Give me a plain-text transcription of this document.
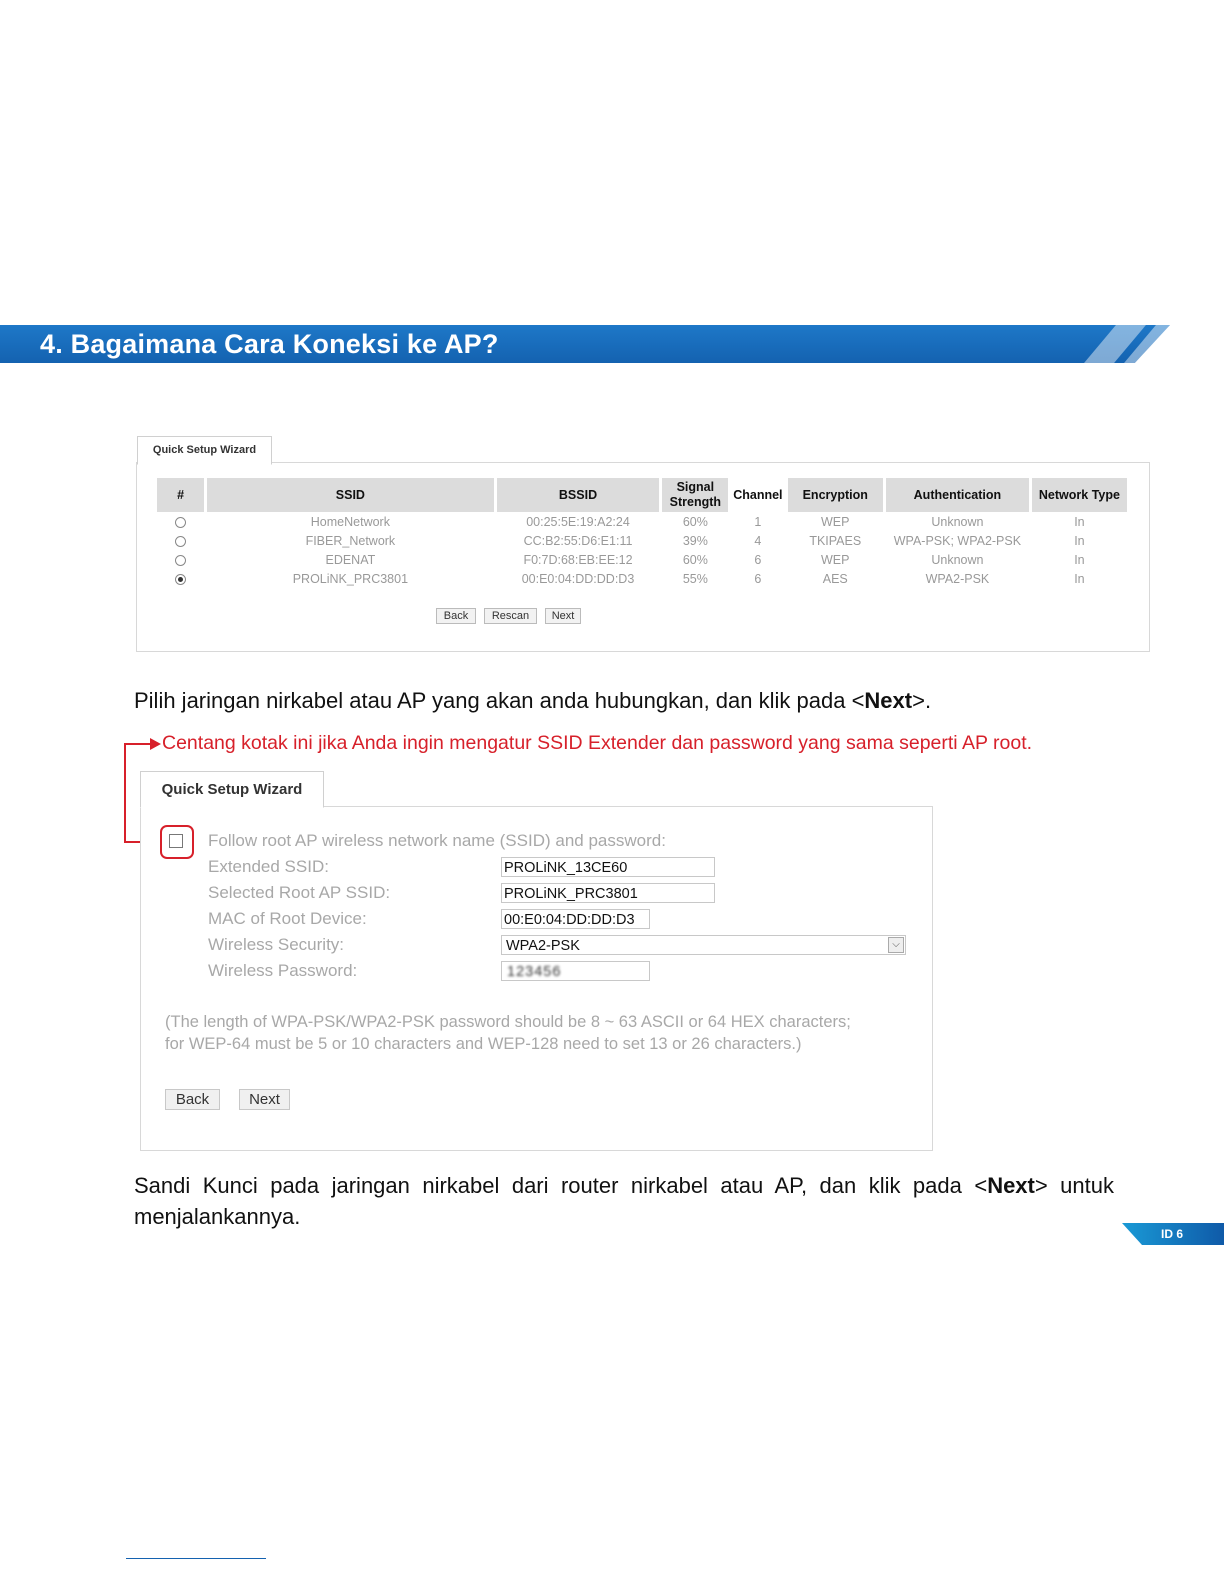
4. Bagaimana Cara Koneksi ke AP?
Quick Setup Wizard
#	SSID	BSSID	Signal Strength	Channel	Encryption	Authentication	Network Type
	HomeNetwork	00:25:5E:19:A2:24	60%	1	WEP	Unknown	In
	FIBER_Network	CC:B2:55:D6:E1:11	39%	4	TKIPAES	WPA-PSK; WPA2-PSK	In
	EDENAT	F0:7D:68:EB:EE:12	60%	6	WEP	Unknown	In
	PROLiNK_PRC3801	00:E0:04:DD:DD:D3	55%	6	AES	WPA2-PSK	In
Back	Rescan	Next

Pilih jaringan nirkabel atau AP yang akan anda hubungkan, dan klik pada <Next>.

Centang kotak ini jika Anda ingin mengatur SSID Extender dan password yang sama seperti AP root.

Quick Setup Wizard
Follow root AP wireless network name (SSID) and password:
Extended SSID:	PROLiNK_13CE60
Selected Root AP SSID:	PROLiNK_PRC3801
MAC of Root Device:	00:E0:04:DD:DD:D3
Wireless Security:	WPA2-PSK	⌵
Wireless Password:	123456
(The length of WPA-PSK/WPA2-PSK password should be 8 ~ 63 ASCII or 64 HEX characters;
for WEP-64 must be 5 or 10 characters and WEP-128 need to set 13 or 26 characters.)
Back	Next

Sandi Kunci pada jaringan nirkabel dari router nirkabel atau AP, dan klik pada <Next> untuk

menjalankannya.

ID 6
